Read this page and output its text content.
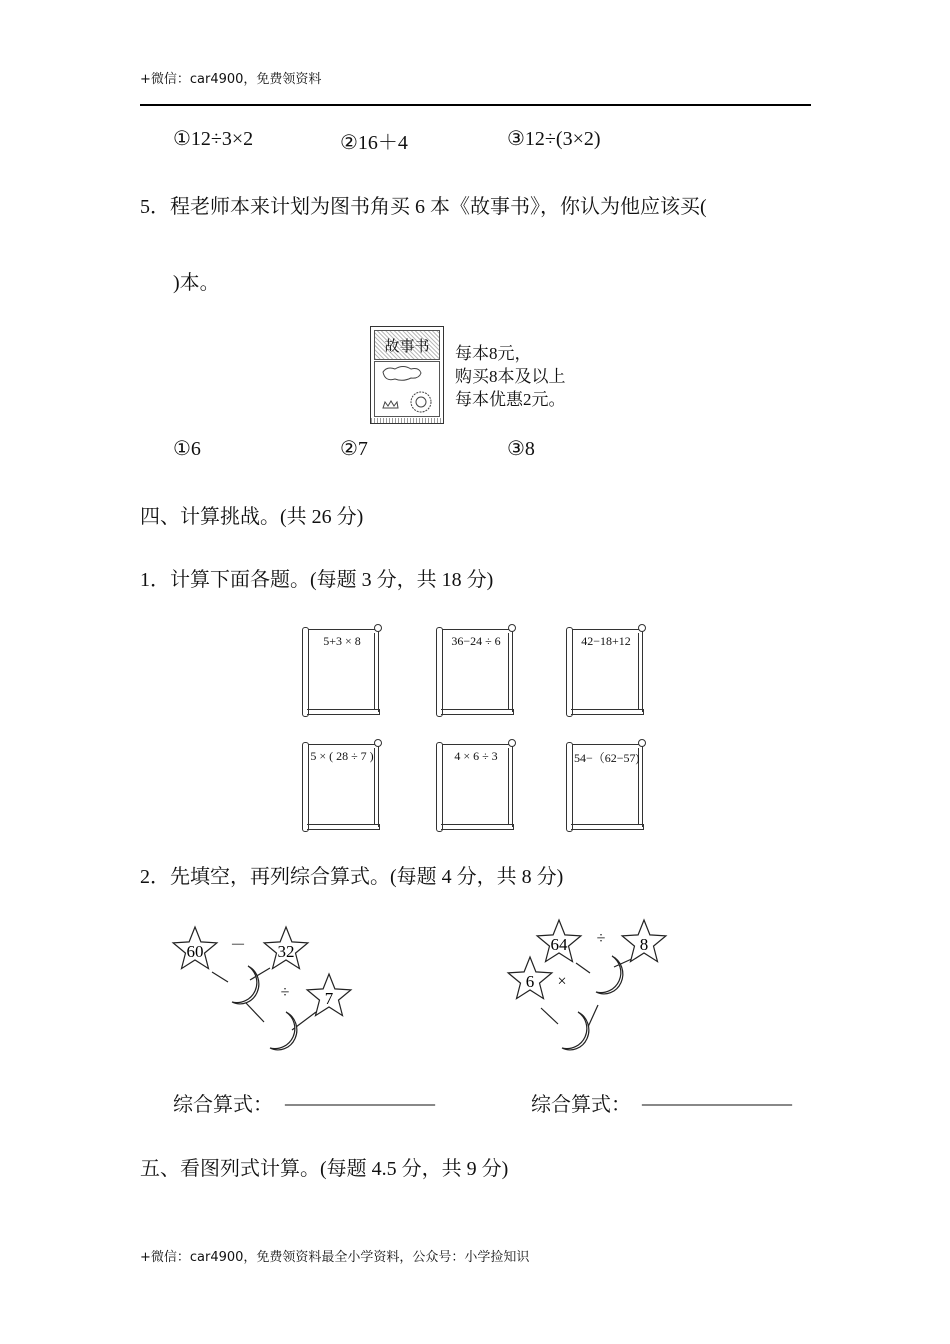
+微信：car4900，免费领资料
①12÷3×2	②16＋4	③12÷(3×2)
5．程老师本来计划为图书角买 6 本《故事书》，你认为他应该买(
)本。
故事书	每本8元，
购买8本及以上
每本优惠2元。
①6	②7	③8
四、计算挑战。(共 26 分)
1．计算下面各题。(每题 3 分，共 18 分)
5+3 × 8	36−24 ÷ 6	42−18+12
5 × ( 28 ÷ 7 )	4 × 6 ÷ 3	54−（62−57)
2．先填空，再列综合算式。(每题 4 分，共 8 分)
60 － 32
÷ 7
64 ÷ 8
6 ×
综合算式： _______________	综合算式： _______________
五、看图列式计算。(每题 4.5 分，共 9 分)
+微信：car4900，免费领资料最全小学资料，公众号：小学捡知识
